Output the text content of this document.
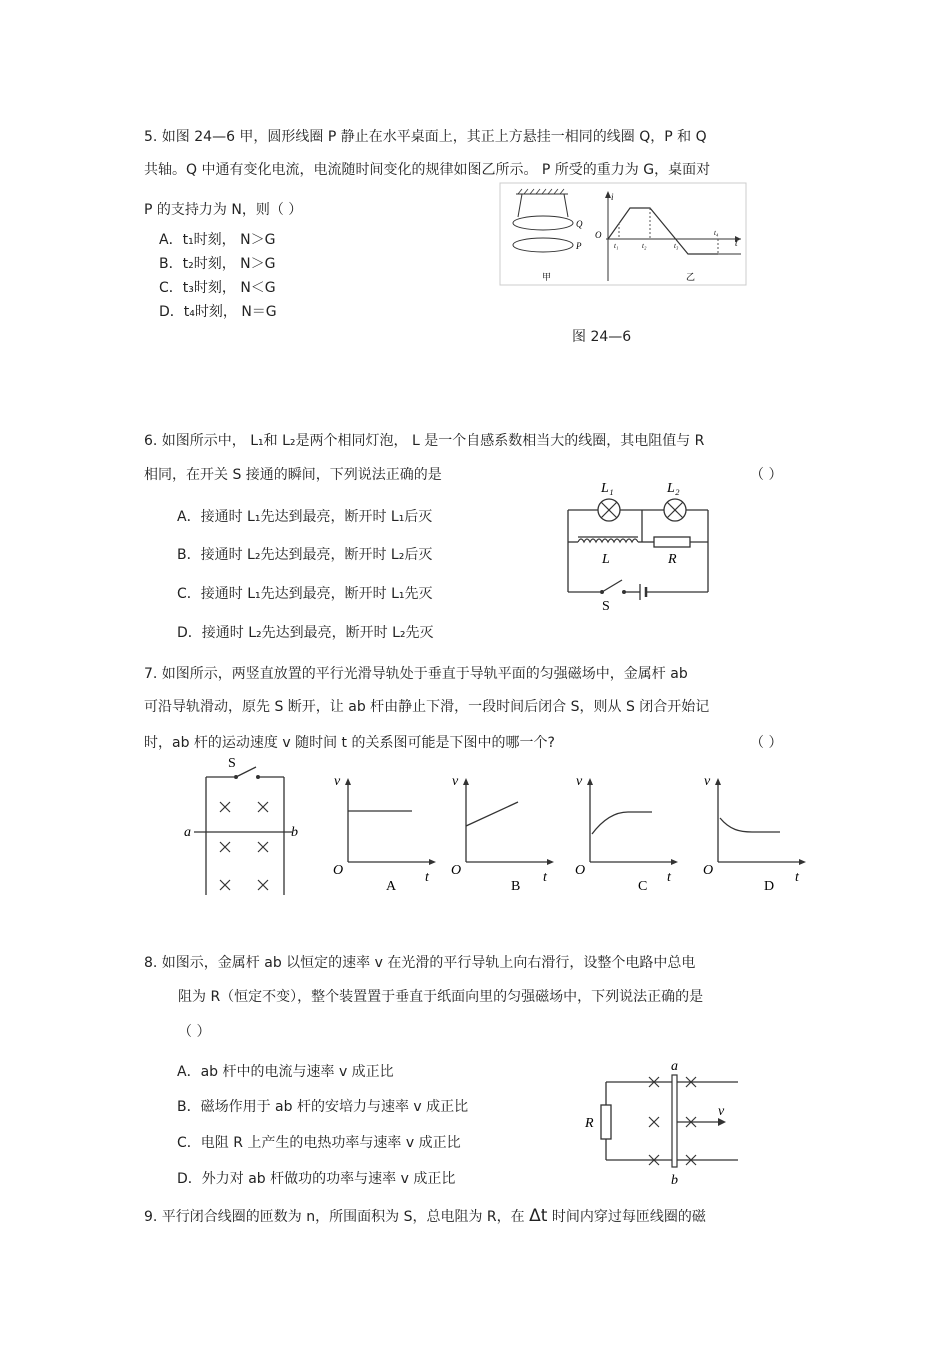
5. 如图 24—6 甲，圆形线圈 P 静止在水平桌面上，其正上方悬挂一相同的线圈 Q，P 和 Q
共轴。Q 中通有变化电流，电流随时间变化的规律如图乙所示。 P 所受的重力为 G，桌面对
P 的支持力为 N，则（ ）
A．t₁时刻， N＞G
B．t₂时刻， N＞G
C．t₃时刻， N＜G
D．t₄时刻， N＝G
图 24—6
Q
P
甲
i
O
t
t₁	t₂	t₃
t₄
乙
6. 如图所示中， L₁和 L₂是两个相同灯泡， L 是一个自感系数相当大的线圈，其电阻值与 R
相同，在开关 S 接通的瞬间，下列说法正确的是	（ ）
A．接通时 L₁先达到最亮，断开时 L₁后灭
B．接通时 L₂先达到最亮，断开时 L₂后灭
C．接通时 L₁先达到最亮，断开时 L₁先灭
D．接通时 L₂先达到最亮，断开时 L₂先灭
L₁	L₂
L	R
S
7. 如图所示，两竖直放置的平行光滑导轨处于垂直于导轨平面的匀强磁场中，金属杆 ab
可沿导轨滑动，原先 S 断开，让 ab 杆由静止下滑，一段时间后闭合 S，则从 S 闭合开始记
时，ab 杆的运动速度 v 随时间 t 的关系图可能是下图中的哪一个?	（ ）
S
a	b
v
O	t
A
v
O	t
B
v
O	t
C
v
O	t
D
8. 如图示，金属杆 ab 以恒定的速率 v 在光滑的平行导轨上向右滑行，设整个电路中总电
阻为 R（恒定不变），整个装置置于垂直于纸面向里的匀强磁场中，下列说法正确的是
（ ）
A．ab 杆中的电流与速率 v 成正比
B．磁场作用于 ab 杆的安培力与速率 v 成正比
C．电阻 R 上产生的电热功率与速率 v 成正比
D．外力对 ab 杆做功的功率与速率 v 成正比
R
a
b
v
9. 平行闭合线圈的匝数为 n，所围面积为 S，总电阻为 R，在 Δt 时间内穿过每匝线圈的磁
